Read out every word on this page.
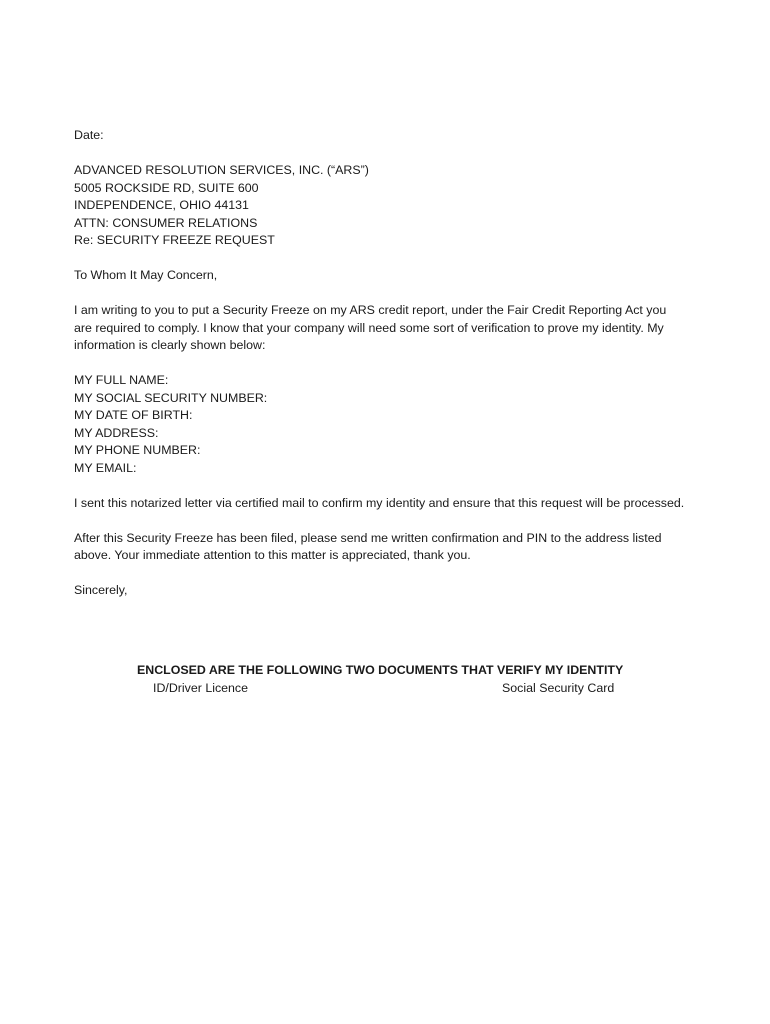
Date:

ADVANCED RESOLUTION SERVICES, INC. (“ARS”)
5005 ROCKSIDE RD, SUITE 600
INDEPENDENCE, OHIO 44131
ATTN: CONSUMER RELATIONS
Re: SECURITY FREEZE REQUEST

To Whom It May Concern,

I am writing to you to put a Security Freeze on my ARS credit report, under the Fair Credit Reporting Act you
are required to comply. I know that your company will need some sort of verification to prove my identity. My
information is clearly shown below:

MY FULL NAME:
MY SOCIAL SECURITY NUMBER:
MY DATE OF BIRTH:
MY ADDRESS:
MY PHONE NUMBER:
MY EMAIL:

I sent this notarized letter via certified mail to confirm my identity and ensure that this request will be processed.

After this Security Freeze has been filed, please send me written confirmation and PIN to the address listed
above. Your immediate attention to this matter is appreciated, thank you.

Sincerely,

ENCLOSED ARE THE FOLLOWING TWO DOCUMENTS THAT VERIFY MY IDENTITY
ID/Driver Licence	Social Security Card
